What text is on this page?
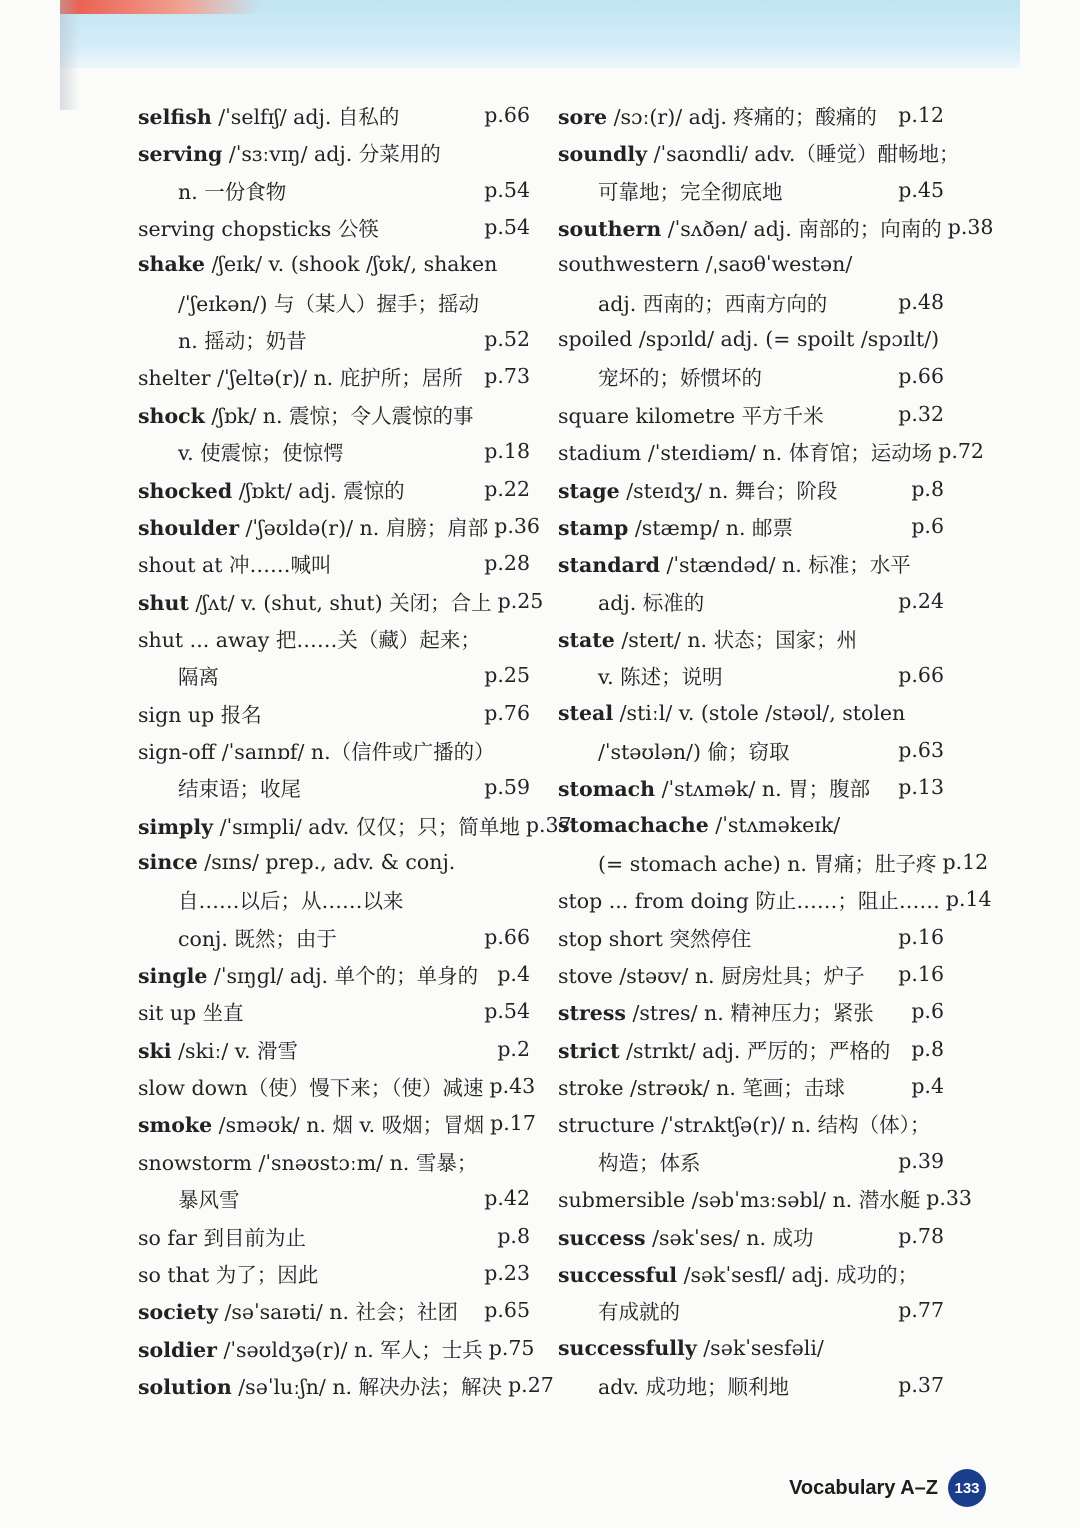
selfish /ˈselfɪʃ/ adj. 自私的	p.66
serving /ˈsɜːvɪŋ/ adj. 分菜用的
n. 一份食物	p.54
serving chopsticks 公筷	p.54
shake /ʃeɪk/ v. (shook /ʃʊk/, shaken
/ˈʃeɪkən/) 与（某人）握手；摇动
n. 摇动；奶昔	p.52
shelter /ˈʃeltə(r)/ n. 庇护所；居所 p.73
shock /ʃɒk/ n. 震惊；令人震惊的事
v. 使震惊；使惊愕	p.18
shocked /ʃɒkt/ adj. 震惊的	p.22
shoulder /ˈʃəʊldə(r)/ n. 肩膀；肩部 p.36
shout at 冲……喊叫	p.28
shut /ʃʌt/ v. (shut, shut) 关闭；合上 p.25
shut ... away 把……关（藏）起来；
隔离	p.25
sign up 报名	p.76
sign-off /ˈsaɪnɒf/ n.（信件或广播的）
结束语；收尾	p.59
simply /ˈsɪmpli/ adv. 仅仅；只；简单地 p.37
since /sɪns/ prep., adv. & conj.
自……以后；从……以来
conj. 既然；由于	p.66
single /ˈsɪŋɡl/ adj. 单个的；单身的 p.4
sit up 坐直	p.54
ski /skiː/ v. 滑雪	p.2
slow down（使）慢下来；（使）减速 p.43
smoke /sməʊk/ n. 烟 v. 吸烟；冒烟 p.17
snowstorm /ˈsnəʊstɔːm/ n. 雪暴；
暴风雪	p.42
so far 到目前为止	p.8
so that 为了；因此	p.23
society /səˈsaɪəti/ n. 社会；社团 p.65
soldier /ˈsəʊldʒə(r)/ n. 军人；士兵 p.75
solution /səˈluːʃn/ n. 解决办法；解决 p.27
sore /sɔː(r)/ adj. 疼痛的；酸痛的 p.12
soundly /ˈsaʊndli/ adv.（睡觉）酣畅地；
可靠地；完全彻底地	p.45
southern /ˈsʌðən/ adj. 南部的；向南的 p.38
southwestern /ˌsaʊθˈwestən/
adj. 西南的；西南方向的	p.48
spoiled /spɔɪld/ adj. (= spoilt /spɔɪlt/)
宠坏的；娇惯坏的	p.66
square kilometre 平方千米	p.32
stadium /ˈsteɪdiəm/ n. 体育馆；运动场 p.72
stage /steɪdʒ/ n. 舞台；阶段	p.8
stamp /stæmp/ n. 邮票	p.6
standard /ˈstændəd/ n. 标准；水平
adj. 标准的	p.24
state /steɪt/ n. 状态；国家；州
v. 陈述；说明	p.66
steal /stiːl/ v. (stole /stəʊl/, stolen
/ˈstəʊlən/) 偷；窃取	p.63
stomach /ˈstʌmək/ n. 胃；腹部 p.13
stomachache /ˈstʌməkeɪk/
(= stomach ache) n. 胃痛；肚子疼 p.12
stop ... from doing 防止……；阻止…… p.14
stop short 突然停住	p.16
stove /stəʊv/ n. 厨房灶具；炉子 p.16
stress /stres/ n. 精神压力；紧张 p.6
strict /strɪkt/ adj. 严厉的；严格的 p.8
stroke /strəʊk/ n. 笔画；击球	p.4
structure /ˈstrʌktʃə(r)/ n. 结构（体）；
构造；体系	p.39
submersible /səbˈmɜːsəbl/ n. 潜水艇 p.33
success /səkˈses/ n. 成功	p.78
successful /səkˈsesfl/ adj. 成功的；
有成就的	p.77
successfully /səkˈsesfəli/
adv. 成功地；顺利地	p.37
Vocabulary A–Z	133
